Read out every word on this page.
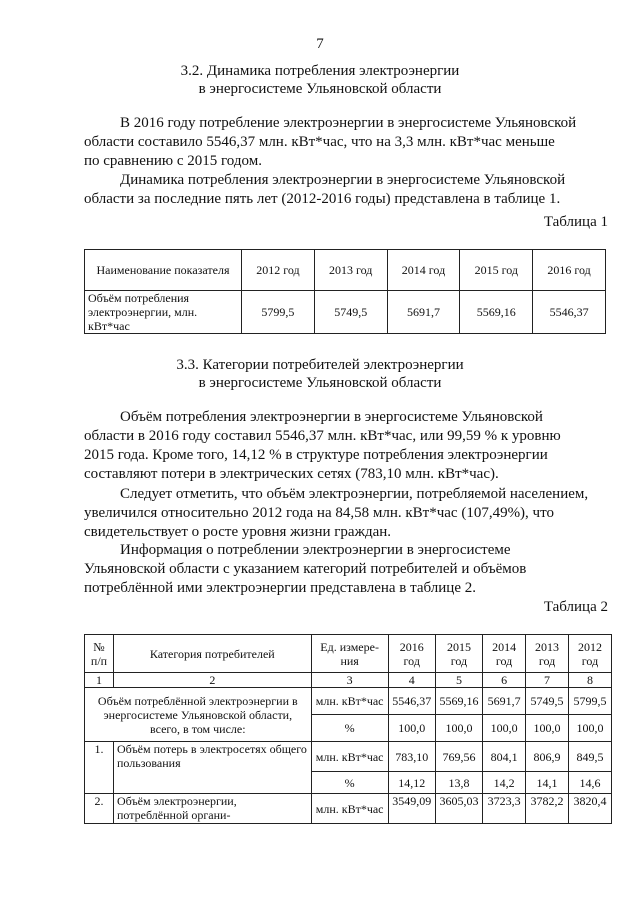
7
3.2. Динамика потребления электроэнергии
в энергосистеме Ульяновской области
В 2016 году потребление электроэнергии в энергосистеме Ульяновской
области составило 5546,37 млн. кВт*час, что на 3,3 млн. кВт*час меньше
по сравнению с 2015 годом.
Динамика потребления электроэнергии в энергосистеме Ульяновской
области за последние пять лет (2012-2016 годы) представлена в таблице 1.
Таблица 1
Наименование показателя	2012 год	2013 год	2014 год	2015 год	2016 год
Объём потребления электроэнергии, млн. кВт*час	5799,5	5749,5	5691,7	5569,16	5546,37
3.3. Категории потребителей электроэнергии
в энергосистеме Ульяновской области
Объём потребления электроэнергии в энергосистеме Ульяновской
области в 2016 году составил 5546,37 млн. кВт*час, или 99,59 % к уровню
2015 года. Кроме того, 14,12 % в структуре потребления электроэнергии
составляют потери в электрических сетях (783,10 млн. кВт*час).
Следует отметить, что объём электроэнергии, потребляемой населением,
увеличился относительно 2012 года на 84,58 млн. кВт*час (107,49%), что
свидетельствует о росте уровня жизни граждан.
Информация о потреблении электроэнергии в энергосистеме
Ульяновской области с указанием категорий потребителей и объёмов
потреблённой ими электроэнергии представлена в таблице 2.
Таблица 2
№ п/п	Категория потребителей	Ед. измере- ния	2016 год	2015 год	2014 год	2013 год	2012 год
1	2	3	4	5	6	7	8
Объём потреблённой электроэнергии в энергосистеме Ульяновской области, всего, в том числе:		млн. кВт*час	5546,37	5569,16	5691,7	5749,5	5799,5
		%	100,0	100,0	100,0	100,0	100,0
1.	Объём потерь в электросетях общего пользования	млн. кВт*час	783,10	769,56	804,1	806,9	849,5
		%	14,12	13,8	14,2	14,1	14,6
2.	Объём электроэнергии, потреблённой органи-	млн. кВт*час	3549,09	3605,03	3723,3	3782,2	3820,4
